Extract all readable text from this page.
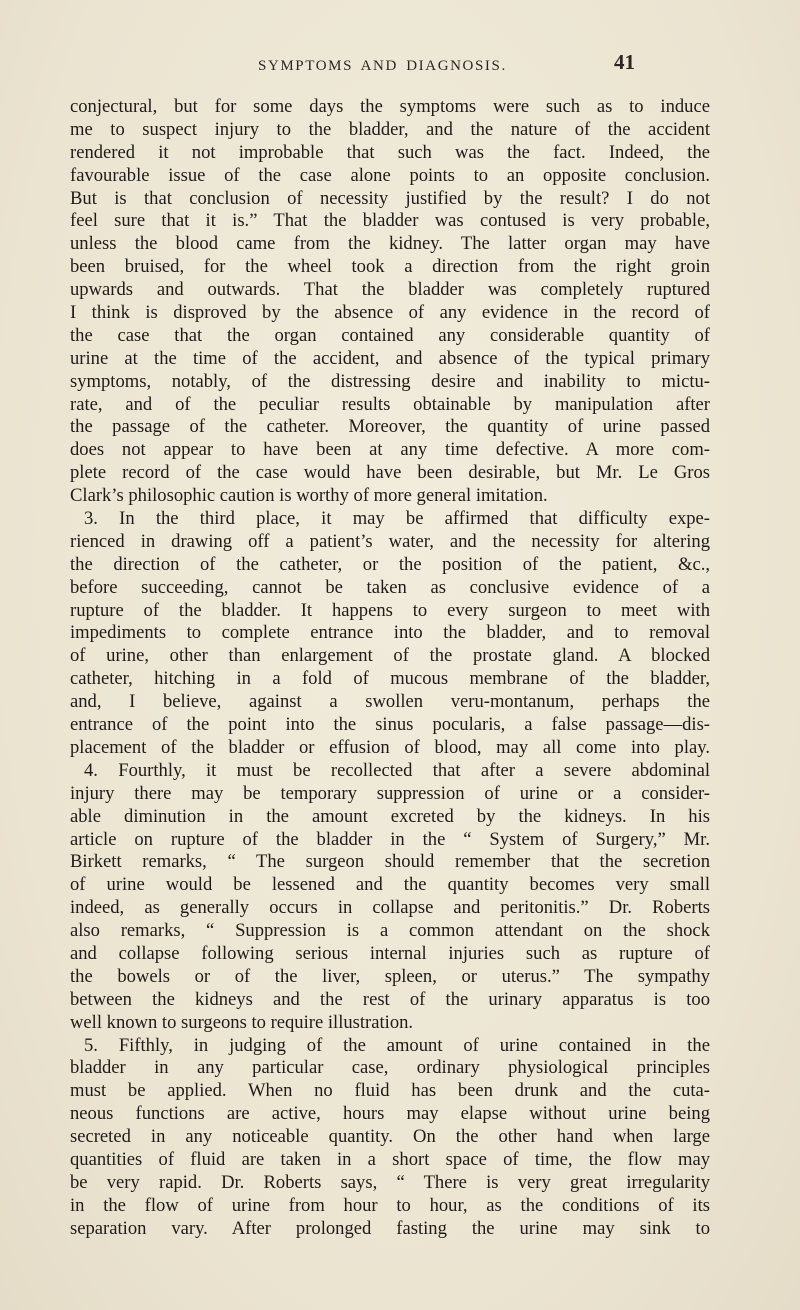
SYMPTOMS AND DIAGNOSIS.	41
conjectural, but for some days the symptoms were such as to induce
me to suspect injury to the bladder, and the nature of the accident
rendered it not improbable that such was the fact. Indeed, the
favourable issue of the case alone points to an opposite conclusion.
But is that conclusion of necessity justified by the result? I do not
feel sure that it is.” That the bladder was contused is very probable,
unless the blood came from the kidney. The latter organ may have
been bruised, for the wheel took a direction from the right groin
upwards and outwards. That the bladder was completely ruptured
I think is disproved by the absence of any evidence in the record of
the case that the organ contained any considerable quantity of
urine at the time of the accident, and absence of the typical primary
symptoms, notably, of the distressing desire and inability to mictu-
rate, and of the peculiar results obtainable by manipulation after
the passage of the catheter. Moreover, the quantity of urine passed
does not appear to have been at any time defective. A more com-
plete record of the case would have been desirable, but Mr. Le Gros
Clark’s philosophic caution is worthy of more general imitation.
3. In the third place, it may be affirmed that difficulty expe-
rienced in drawing off a patient’s water, and the necessity for altering
the direction of the catheter, or the position of the patient, &c.,
before succeeding, cannot be taken as conclusive evidence of a
rupture of the bladder. It happens to every surgeon to meet with
impediments to complete entrance into the bladder, and to removal
of urine, other than enlargement of the prostate gland. A blocked
catheter, hitching in a fold of mucous membrane of the bladder,
and, I believe, against a swollen veru-montanum, perhaps the
entrance of the point into the sinus pocularis, a false passage—dis-
placement of the bladder or effusion of blood, may all come into play.
4. Fourthly, it must be recollected that after a severe abdominal
injury there may be temporary suppression of urine or a consider-
able diminution in the amount excreted by the kidneys. In his
article on rupture of the bladder in the “ System of Surgery,” Mr.
Birkett remarks, “ The surgeon should remember that the secretion
of urine would be lessened and the quantity becomes very small
indeed, as generally occurs in collapse and peritonitis.” Dr. Roberts
also remarks, “ Suppression is a common attendant on the shock
and collapse following serious internal injuries such as rupture of
the bowels or of the liver, spleen, or uterus.” The sympathy
between the kidneys and the rest of the urinary apparatus is too
well known to surgeons to require illustration.
5. Fifthly, in judging of the amount of urine contained in the
bladder in any particular case, ordinary physiological principles
must be applied. When no fluid has been drunk and the cuta-
neous functions are active, hours may elapse without urine being
secreted in any noticeable quantity. On the other hand when large
quantities of fluid are taken in a short space of time, the flow may
be very rapid. Dr. Roberts says, “ There is very great irregularity
in the flow of urine from hour to hour, as the conditions of its
separation vary. After prolonged fasting the urine may sink to
